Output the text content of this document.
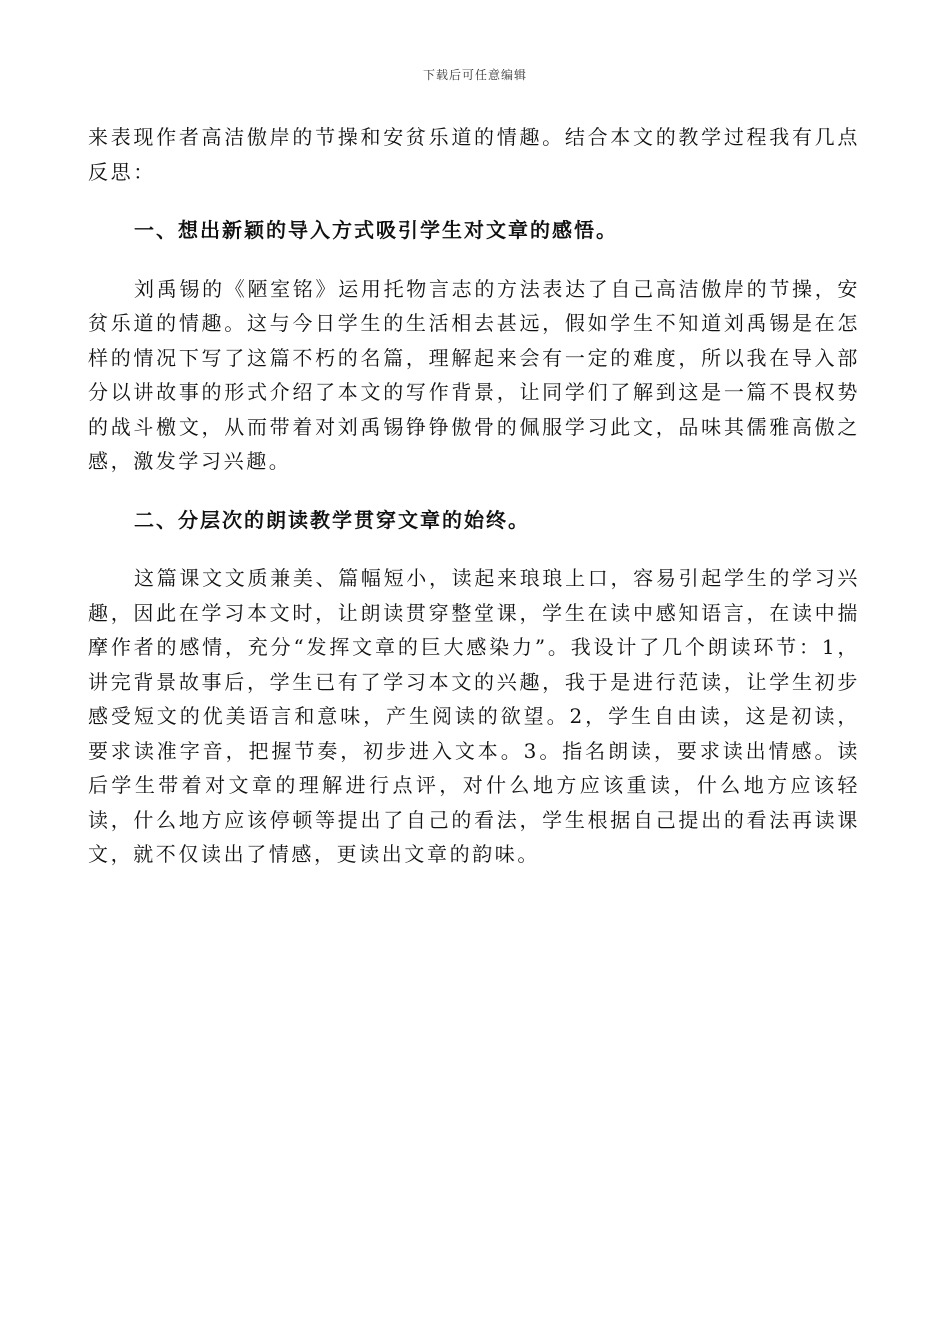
下载后可任意编辑

来表现作者高洁傲岸的节操和安贫乐道的情趣。结合本文的教学过程我有几点反思：

一、想出新颖的导入方式吸引学生对文章的感悟。

刘禹锡的《陋室铭》运用托物言志的方法表达了自己高洁傲岸的节操，安贫乐道的情趣。这与今日学生的生活相去甚远，假如学生不知道刘禹锡是在怎样的情况下写了这篇不朽的名篇，理解起来会有一定的难度，所以我在导入部分以讲故事的形式介绍了本文的写作背景，让同学们了解到这是一篇不畏权势的战斗檄文，从而带着对刘禹锡铮铮傲骨的佩服学习此文，品味其儒雅高傲之感，激发学习兴趣。

二、分层次的朗读教学贯穿文章的始终。

这篇课文文质兼美、篇幅短小，读起来琅琅上口，容易引起学生的学习兴趣，因此在学习本文时，让朗读贯穿整堂课，学生在读中感知语言，在读中揣摩作者的感情，充分“发挥文章的巨大感染力”。我设计了几个朗读环节：1，讲完背景故事后，学生已有了学习本文的兴趣，我于是进行范读，让学生初步感受短文的优美语言和意味，产生阅读的欲望。2，学生自由读，这是初读，要求读准字音，把握节奏，初步进入文本。3。指名朗读，要求读出情感。读后学生带着对文章的理解进行点评，对什么地方应该重读，什么地方应该轻读，什么地方应该停顿等提出了自己的看法，学生根据自己提出的看法再读课文，就不仅读出了情感，更读出文章的韵味。
